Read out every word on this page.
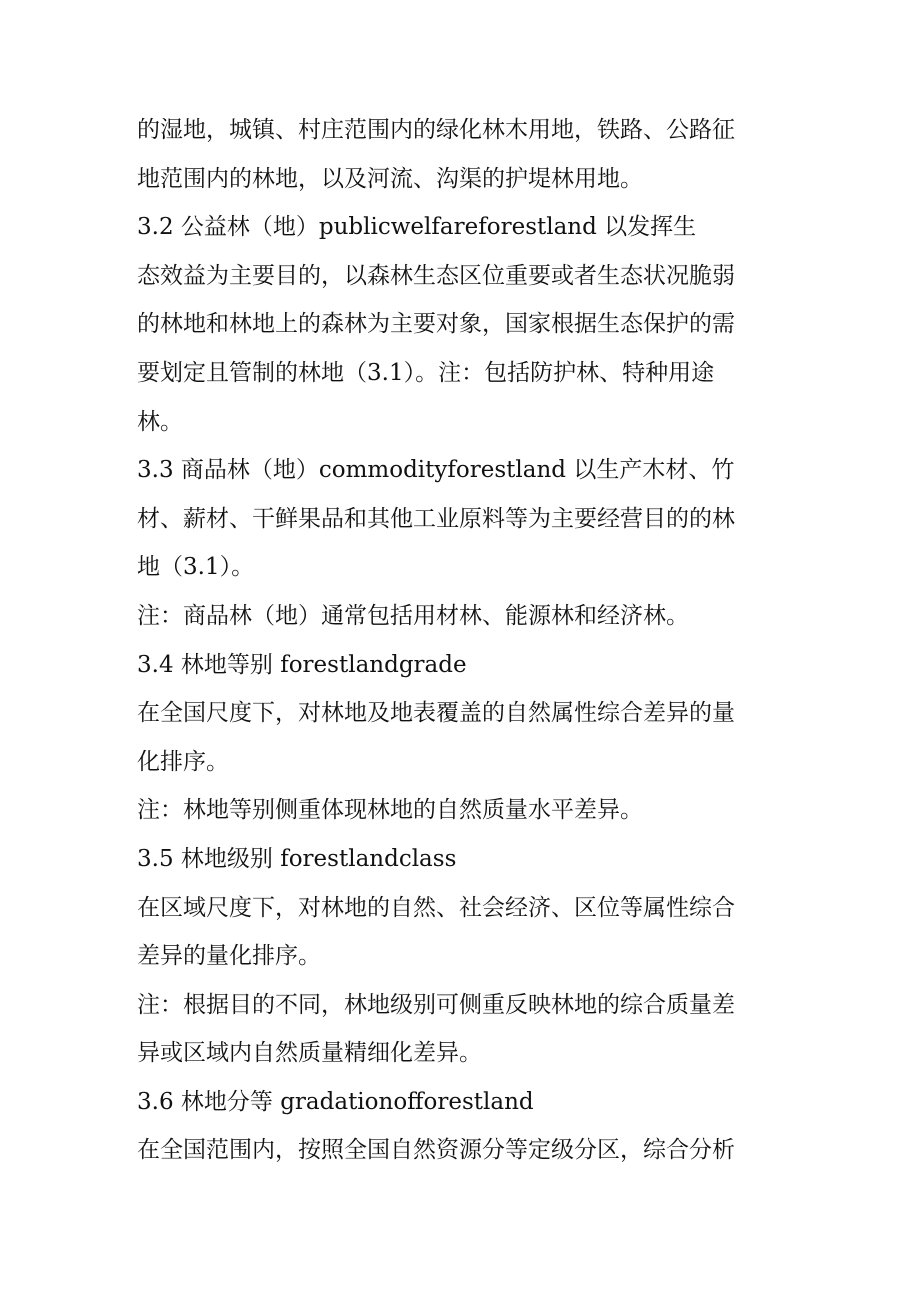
的湿地，城镇、村庄范围内的绿化林木用地，铁路、公路征
地范围内的林地，以及河流、沟渠的护堤林用地。
3.2 公益林（地）publicwelfareforestland 以发挥生
态效益为主要目的，以森林生态区位重要或者生态状况脆弱
的林地和林地上的森林为主要对象，国家根据生态保护的需
要划定且管制的林地（3.1）。注：包括防护林、特种用途
林。
3.3 商品林（地）commodityforestland 以生产木材、竹
材、薪材、干鲜果品和其他工业原料等为主要经营目的的林
地（3.1）。
注：商品林（地）通常包括用材林、能源林和经济林。
3.4 林地等别 forestlandgrade
在全国尺度下，对林地及地表覆盖的自然属性综合差异的量
化排序。
注：林地等别侧重体现林地的自然质量水平差异。
3.5 林地级别 forestlandclass
在区域尺度下，对林地的自然、社会经济、区位等属性综合
差异的量化排序。
注：根据目的不同，林地级别可侧重反映林地的综合质量差
异或区域内自然质量精细化差异。
3.6 林地分等 gradationofforestland
在全国范围内，按照全国自然资源分等定级分区，综合分析
